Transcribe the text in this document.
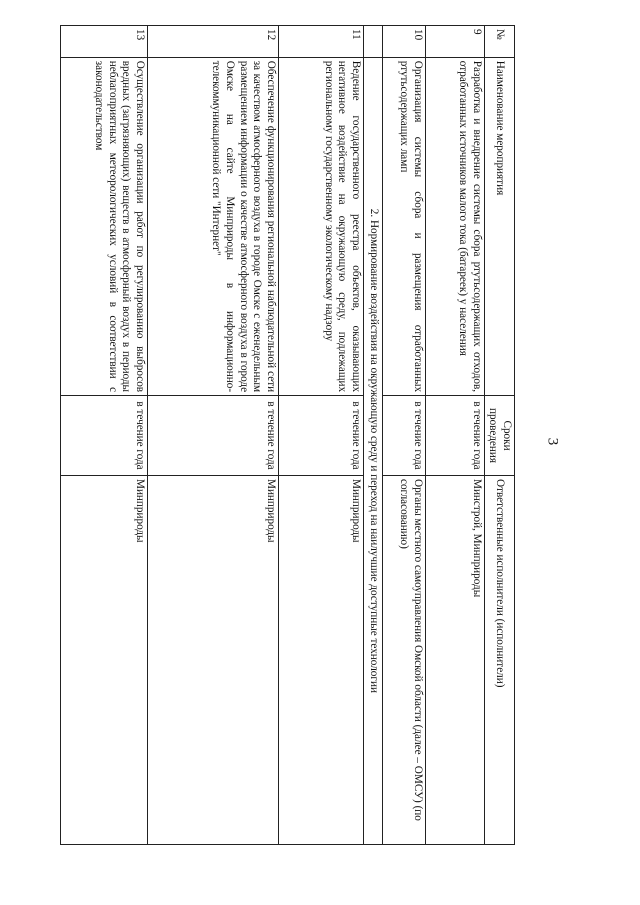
3
№	Наименование мероприятия	Сроки проведения	Ответственные исполнители (исполнители)
9	Разработка и внедрение системы сбора ртутьсодержащих отходов, отработанных источников малого тока (батареек) у населения	в течение года	Минстрой, Минприроды
10	Организация системы сбора и размещения отработанных ртутьсодержащих ламп	в течение года	Органы местного самоуправления Омской области (далее – ОМСУ) (по согласованию)
	2. Нормирование воздействия на окружающую среду и переход на наилучшие доступные технологии		
11	Ведение государственного реестра объектов, оказывающих негативное воздействие на окружающую среду, подлежащих региональному государственному экологическому надзору	в течение года	Минприроды
12	Обеспечение функционирования региональной наблюдательной сети за качеством атмосферного воздуха в городе Омске с еженедельным размещением информации о качестве атмосферного воздуха в городе Омске на сайте Минприроды в информационно-телекоммуникационной сети "Интернет"	в течение года	Минприроды
13	Осуществление организации работ по регулированию выбросов вредных (загрязняющих) веществ в атмосферный воздух в периоды неблагоприятных метеорологических условий в соответствии с законодательством	в течение года	Минприроды
